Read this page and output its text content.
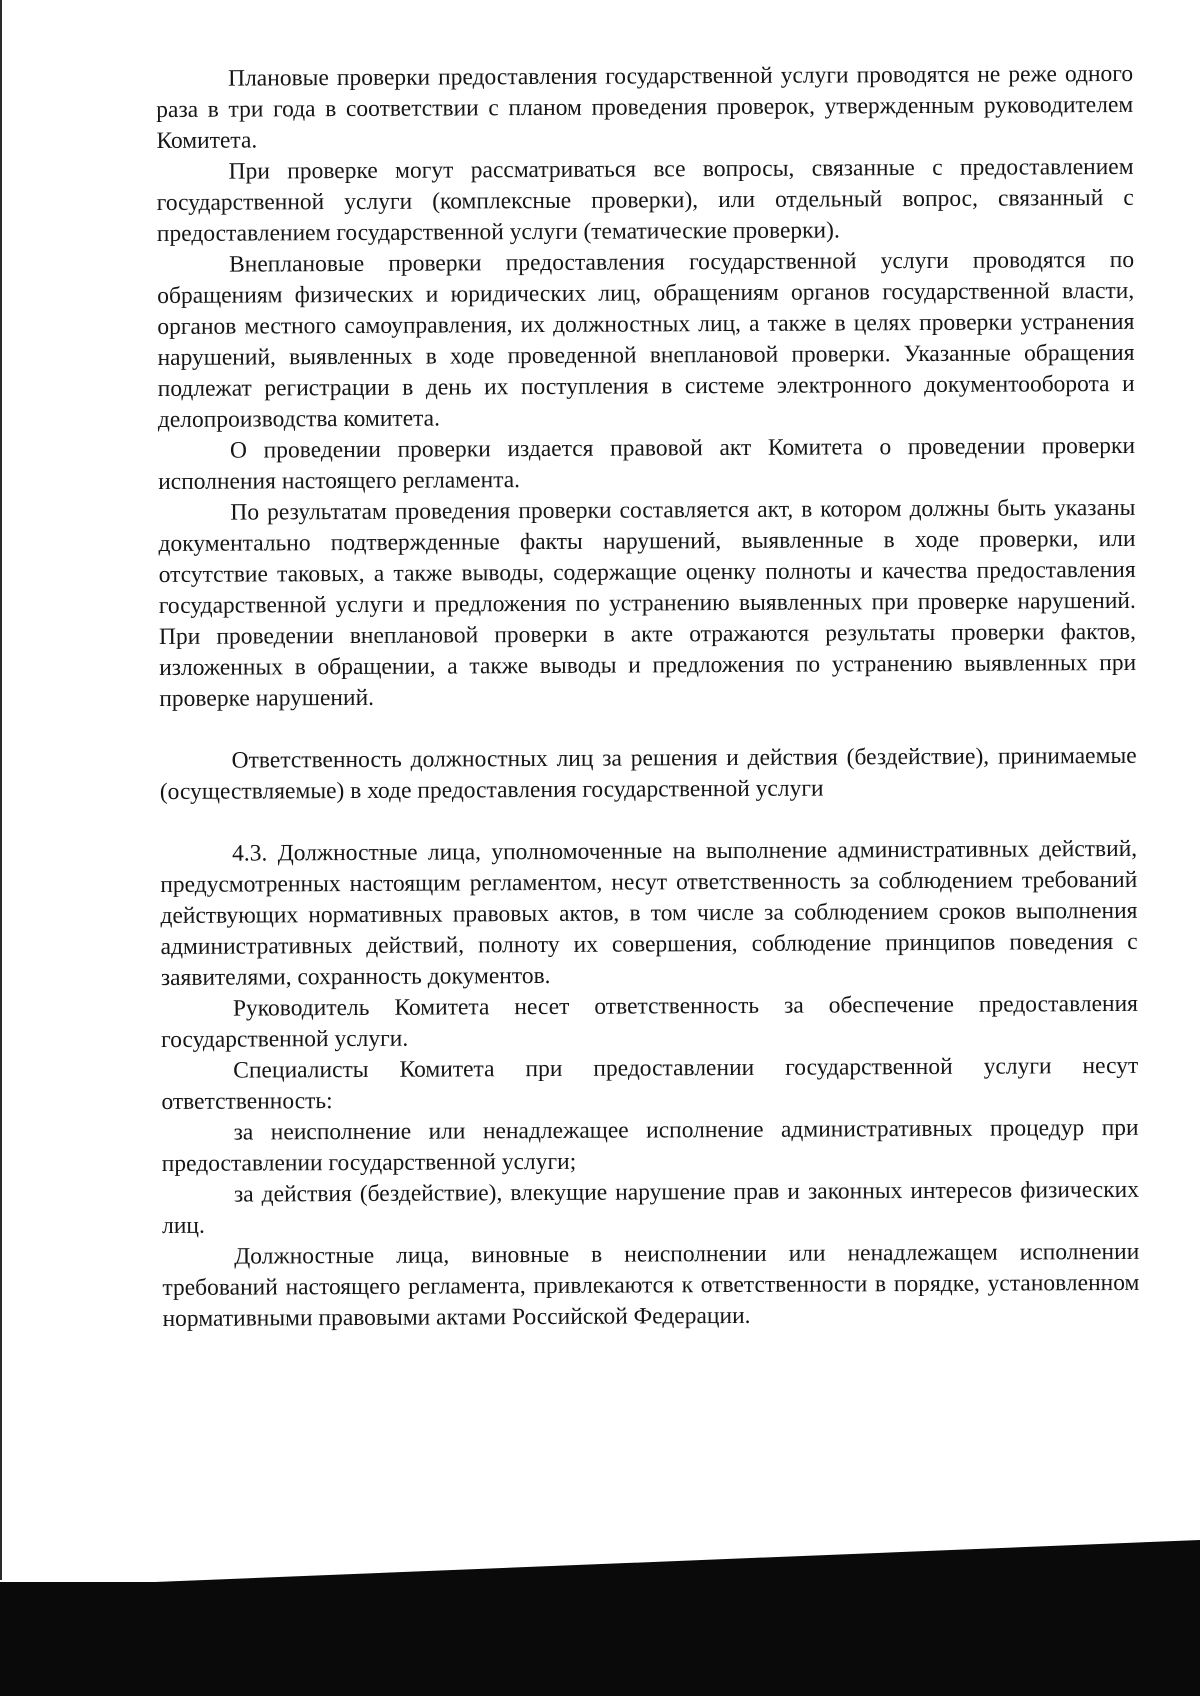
Плановые проверки предоставления государственной услуги проводятся не реже одного раза в три года в соответствии с планом проведения проверок, утвержденным руководителем Комитета.

При проверке могут рассматриваться все вопросы, связанные с предоставлением государственной услуги (комплексные проверки), или отдельный вопрос, связанный с предоставлением государственной услуги (тематические проверки).

Внеплановые проверки предоставления государственной услуги проводятся по обращениям физических и юридических лиц, обращениям органов государственной власти, органов местного самоуправления, их должностных лиц, а также в целях проверки устранения нарушений, выявленных в ходе проведенной внеплановой проверки. Указанные обращения подлежат регистрации в день их поступления в системе электронного документооборота и делопроизводства комитета.

О проведении проверки издается правовой акт Комитета о проведении проверки исполнения настоящего регламента.

По результатам проведения проверки составляется акт, в котором должны быть указаны документально подтвержденные факты нарушений, выявленные в ходе проверки, или отсутствие таковых, а также выводы, содержащие оценку полноты и качества предоставления государственной услуги и предложения по устранению выявленных при проверке нарушений. При проведении внеплановой проверки в акте отражаются результаты проверки фактов, изложенных в обращении, а также выводы и предложения по устранению выявленных при проверке нарушений.

Ответственность должностных лиц за решения и действия (бездействие), принимаемые (осуществляемые) в ходе предоставления государственной услуги

4.3. Должностные лица, уполномоченные на выполнение административных действий, предусмотренных настоящим регламентом, несут ответственность за соблюдением требований действующих нормативных правовых актов, в том числе за соблюдением сроков выполнения административных действий, полноту их совершения, соблюдение принципов поведения с заявителями, сохранность документов.

Руководитель Комитета несет ответственность за обеспечение предоставления государственной услуги.

Специалисты Комитета при предоставлении государственной услуги несут ответственность:

за неисполнение или ненадлежащее исполнение административных процедур при предоставлении государственной услуги;

за действия (бездействие), влекущие нарушение прав и законных интересов физических лиц.

Должностные лица, виновные в неисполнении или ненадлежащем исполнении требований настоящего регламента, привлекаются к ответственности в порядке, установленном нормативными правовыми актами Российской Федерации.
